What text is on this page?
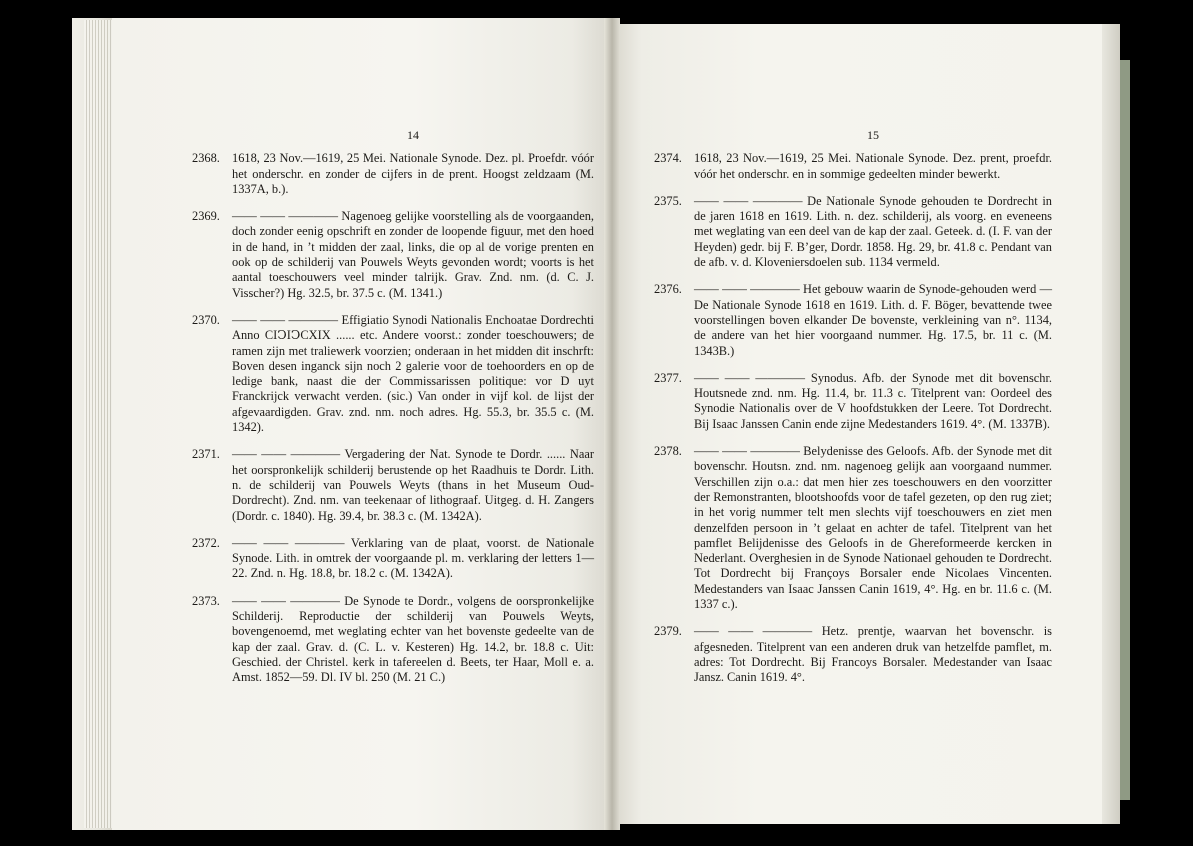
14
2368. 1618, 23 Nov.—1619, 25 Mei. Nationale Synode. Dez. pl. Proefdr. vóór het onderschr. en zonder de cijfers in de prent. Hoogst zeldzaam (M. 1337A, b.).
2369. —— —— ———— Nagenoeg gelijke voorstelling als de voorgaanden, doch zonder eenig opschrift en zonder de loopende figuur, met den hoed in de hand, in ’t midden der zaal, links, die op al de vorige prenten en ook op de schilderij van Pouwels Weyts gevonden wordt; voorts is het aantal toeschouwers veel minder talrijk. Grav. Znd. nm. (d. C. J. Visscher?) Hg. 32.5, br. 37.5 c. (M. 1341.)
2370. —— —— ———— Effigiatio Synodi Nationalis Enchoatae Dordrechti Anno CIↃIↃCXIX ...... etc. Andere voorst.: zonder toeschouwers; de ramen zijn met traliewerk voorzien; onderaan in het midden dit inschrft: Boven desen inganck sijn noch 2 galerie voor de toehoorders en op de ledige bank, naast die der Commissarissen politique: vor D uyt Franckrijck verwacht verden. (sic.) Van onder in vijf kol. de lijst der afgevaardigden. Grav. znd. nm. noch adres. Hg. 55.3, br. 35.5 c. (M. 1342).
2371. —— —— ———— Vergadering der Nat. Synode te Dordr. ...... Naar het oorspronkelijk schilderij berustende op het Raadhuis te Dordr. Lith. n. de schilderij van Pouwels Weyts (thans in het Museum Oud-Dordrecht). Znd. nm. van teekenaar of lithograaf. Uitgeg. d. H. Zangers (Dordr. c. 1840). Hg. 39.4, br. 38.3 c. (M. 1342A).
2372. —— —— ———— Verklaring van de plaat, voorst. de Nationale Synode. Lith. in omtrek der voorgaande pl. m. verklaring der letters 1—22. Znd. n. Hg. 18.8, br. 18.2 c. (M. 1342A).
2373. —— —— ———— De Synode te Dordr., volgens de oorspronkelijke Schilderij. Reproductie der schilderij van Pouwels Weyts, bovengenoemd, met weglating echter van het bovenste gedeelte van de kap der zaal. Grav. d. (C. L. v. Kesteren) Hg. 14.2, br. 18.8 c. Uit: Geschied. der Christel. kerk in tafereelen d. Beets, ter Haar, Moll e. a. Amst. 1852—59. Dl. IV bl. 250 (M. 21 C.)
15
2374. 1618, 23 Nov.—1619, 25 Mei. Nationale Synode. Dez. prent, proefdr. vóór het onderschr. en in sommige gedeelten minder bewerkt.
2375. —— —— ———— De Nationale Synode gehouden te Dordrecht in de jaren 1618 en 1619. Lith. n. dez. schilderij, als voorg. en eveneens met weglating van een deel van de kap der zaal. Geteek. d. (I. F. van der Heyden) gedr. bij F. B’ger, Dordr. 1858. Hg. 29, br. 41.8 c. Pendant van de afb. v. d. Kloveniersdoelen sub. 1134 vermeld.
2376. —— —— ———— Het gebouw waarin de Synode-gehouden werd — De Nationale Synode 1618 en 1619. Lith. d. F. Böger, bevattende twee voorstellingen boven elkander De bovenste, verkleining van n°. 1134, de andere van het hier voorgaand nummer. Hg. 17.5, br. 11 c. (M. 1343B.)
2377. —— —— ———— Synodus. Afb. der Synode met dit bovenschr. Houtsnede znd. nm. Hg. 11.4, br. 11.3 c. Titelprent van: Oordeel des Synodie Nationalis over de V hoofdstukken der Leere. Tot Dordrecht. Bij Isaac Janssen Canin ende zijne Medestanders 1619. 4°. (M. 1337B).
2378. —— —— ———— Belydenisse des Geloofs. Afb. der Synode met dit bovenschr. Houtsn. znd. nm. nagenoeg gelijk aan voorgaand nummer. Verschillen zijn o.a.: dat men hier zes toeschouwers en den voorzitter der Remonstranten, blootshoofds voor de tafel gezeten, op den rug ziet; in het vorig nummer telt men slechts vijf toeschouwers en ziet men denzelfden persoon in ’t gelaat en achter de tafel. Titelprent van het pamflet Belijdenisse des Geloofs in de Ghereformeerde kercken in Nederlant. Overghesien in de Synode Nationael gehouden te Dordrecht. Tot Dordrecht bij Françoys Borsaler ende Nicolaes Vincenten. Medestanders van Isaac Janssen Canin 1619, 4°. Hg. en br. 11.6 c. (M. 1337 c.).
2379. —— —— ———— Hetz. prentje, waarvan het bovenschr. is afgesneden. Titelprent van een anderen druk van hetzelfde pamflet, m. adres: Tot Dordrecht. Bij Francoys Borsaler. Medestander van Isaac Jansz. Canin 1619. 4°.
